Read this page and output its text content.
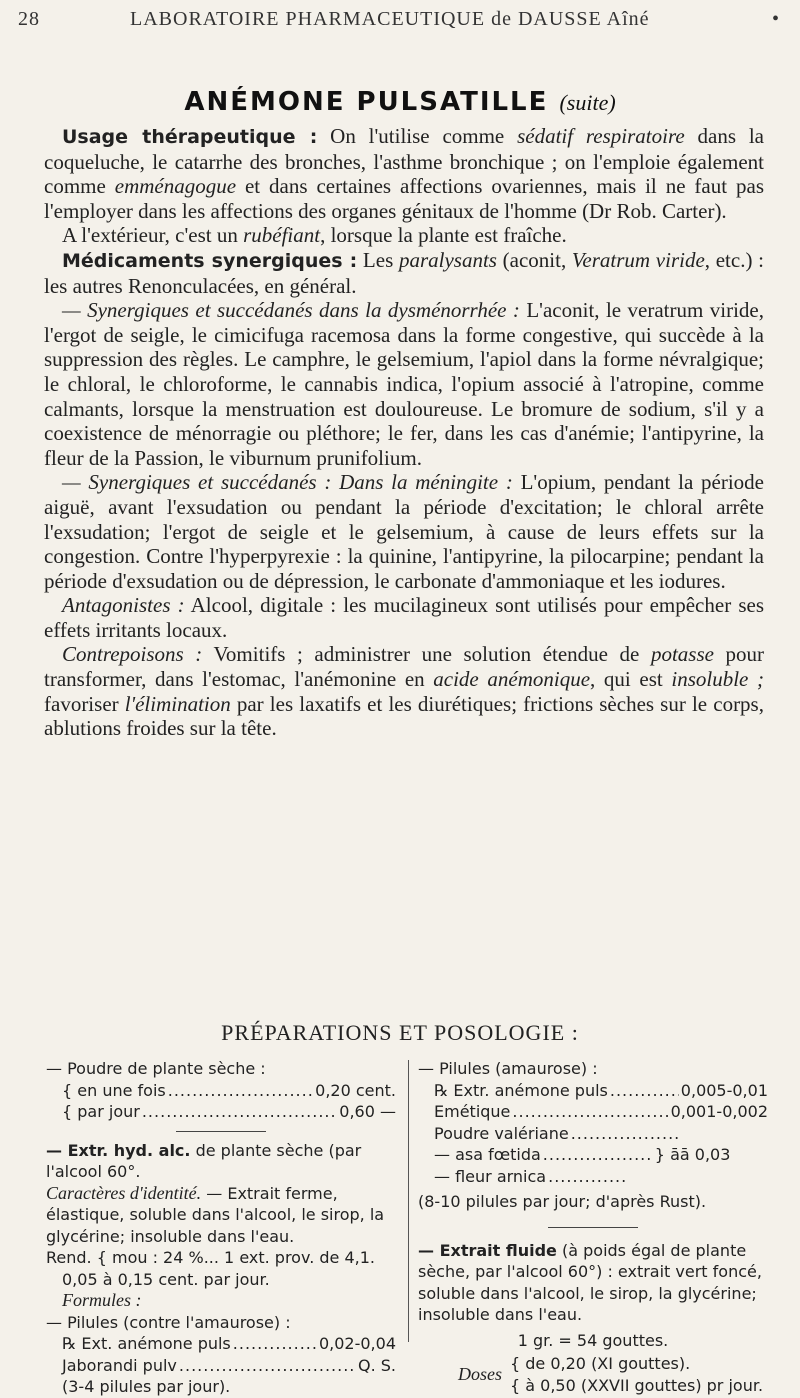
28	LABORATOIRE PHARMACEUTIQUE de DAUSSE Aîné	•
ANÉMONE PULSATILLE (suite)

Usage thérapeutique : On l'utilise comme sédatif respiratoire dans la coqueluche, le catarrhe des bronches, l'asthme bronchique ; on l'emploie également comme emménagogue et dans certaines affections ovariennes, mais il ne faut pas l'employer dans les affections des organes génitaux de l'homme (Dr Rob. Carter).

A l'extérieur, c'est un rubéfiant, lorsque la plante est fraîche.

Médicaments synergiques : Les paralysants (aconit, Veratrum viride, etc.) : les autres Renonculacées, en général.

— Synergiques et succédanés dans la dysménorrhée : L'aconit, le veratrum viride, l'ergot de seigle, le cimicifuga racemosa dans la forme congestive, qui succède à la suppression des règles. Le camphre, le gelsemium, l'apiol dans la forme névralgique; le chloral, le chloroforme, le cannabis indica, l'opium associé à l'atropine, comme calmants, lorsque la menstruation est douloureuse. Le bromure de sodium, s'il y a coexistence de ménorragie ou pléthore; le fer, dans les cas d'anémie; l'antipyrine, la fleur de la Passion, le viburnum prunifolium.

— Synergiques et succédanés : Dans la méningite : L'opium, pendant la période aiguë, avant l'exsudation ou pendant la période d'excitation; le chloral arrête l'exsudation; l'ergot de seigle et le gelsemium, à cause de leurs effets sur la congestion. Contre l'hyperpyrexie : la quinine, l'antipyrine, la pilocarpine; pendant la période d'exsudation ou de dépression, le carbonate d'ammoniaque et les iodures.

Antagonistes : Alcool, digitale : les mucilagineux sont utilisés pour empêcher ses effets irritants locaux.

Contrepoisons : Vomitifs ; administrer une solution étendue de potasse pour transformer, dans l'estomac, l'anémonine en acide anémonique, qui est insoluble ; favoriser l'élimination par les laxatifs et les diurétiques; frictions sèches sur le corps, ablutions froides sur la tête.

PRÉPARATIONS ET POSOLOGIE :
— Poudre de plante sèche :
{ en une fois .....	0,20 cent.
{ par jour .....	0,60 —
— Extr. hyd. alc. de plante sèche (par l'alcool 60°.
Caractères d'identité. — Extrait ferme, élastique, soluble dans l'alcool, le sirop, la glycérine; insoluble dans l'eau.
Rend. { mou : 24 %... 1 ext. prov. de 4,1.
0,05 à 0,15 cent. par jour.
Formules :
— Pilules (contre l'amaurose) :
℞ Ext. anémone puls .....	0,02-0,04
Jaborandi pulv .....	Q. S.
(3-4 pilules par jour).
— Pilules (amaurose) :
℞ Extr. anémone puls .....	0,005-0,01
Emétique .....	0,001-0,002
Poudre valériane
.....
— asa fœtida .....	} āā 0,03
— fleur arnica
.....
(8-10 pilules par jour; d'après Rust).
— Extrait fluide (à poids égal de plante sèche, par l'alcool 60°) : extrait vert foncé, soluble dans l'alcool, le sirop, la glycérine; insoluble dans l'eau.
1 gr. = 54 gouttes.
Doses
{ de 0,20 (XI gouttes).
{ à 0,50 (XXVII gouttes) pr jour.
